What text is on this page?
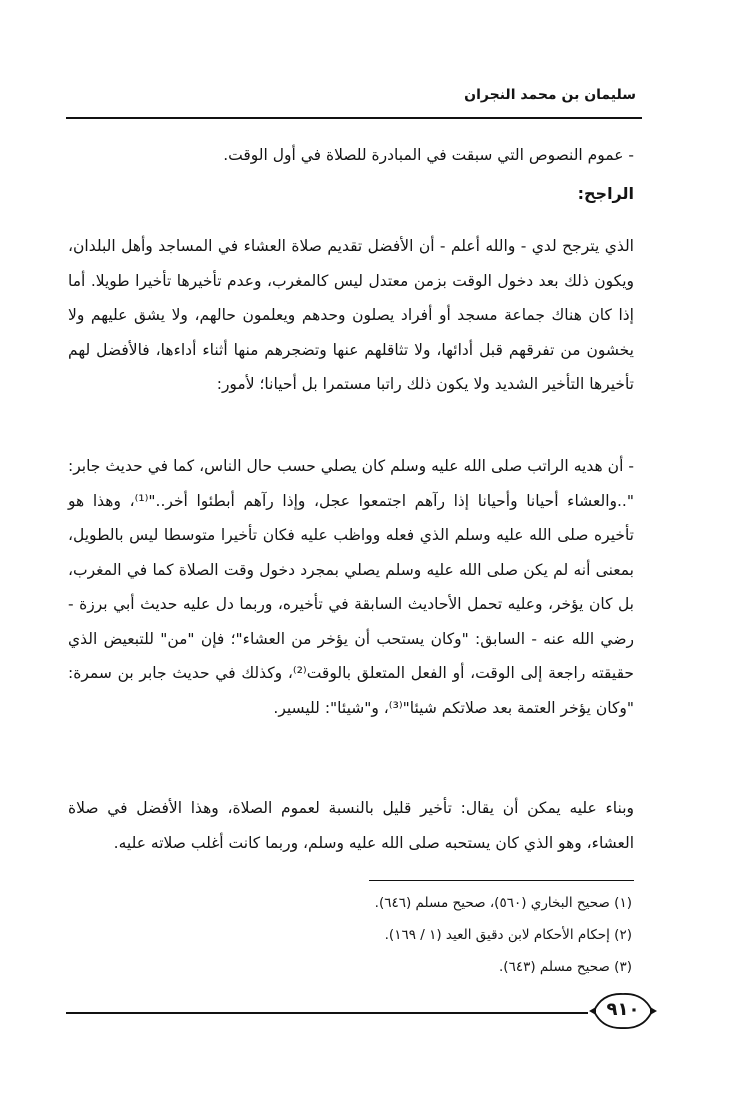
سليمان بن محمد النجران

- عموم النصوص التي سبقت في المبادرة للصلاة في أول الوقت.

الراجح:

الذي يترجح لدي - والله أعلم - أن الأفضل تقديم صلاة العشاء في المساجد وأهل البلدان، ويكون ذلك بعد دخول الوقت بزمن معتدل ليس كالمغرب، وعدم تأخيرها تأخيرا طويلا. أما إذا كان هناك جماعة مسجد أو أفراد يصلون وحدهم ويعلمون حالهم، ولا يشق عليهم ولا يخشون من تفرقهم قبل أدائها، ولا تثاقلهم عنها وتضجرهم منها أثناء أداءها، فالأفضل لهم تأخيرها التأخير الشديد ولا يكون ذلك راتبا مستمرا بل أحيانا؛ لأمور:

- أن هديه الراتب صلى الله عليه وسلم كان يصلي حسب حال الناس، كما في حديث جابر: "..والعشاء أحيانا وأحيانا إذا رآهم اجتمعوا عجل، وإذا رآهم أبطئوا أخر.."⁽¹⁾، وهذا هو تأخيره صلى الله عليه وسلم الذي فعله وواظب عليه فكان تأخيرا متوسطا ليس بالطويل، بمعنى أنه لم يكن صلى الله عليه وسلم يصلي بمجرد دخول وقت الصلاة كما في المغرب، بل كان يؤخر، وعليه تحمل الأحاديث السابقة في تأخيره، وربما دل عليه حديث أبي برزة - رضي الله عنه - السابق: "وكان يستحب أن يؤخر من العشاء"؛ فإن "من" للتبعيض الذي حقيقته راجعة إلى الوقت، أو الفعل المتعلق بالوقت⁽²⁾، وكذلك في حديث جابر بن سمرة: "وكان يؤخر العتمة بعد صلاتكم شيئا"⁽³⁾، و"شيئا": لليسير.

وبناء عليه يمكن أن يقال: تأخير قليل بالنسبة لعموم الصلاة، وهذا الأفضل في صلاة العشاء، وهو الذي كان يستحبه صلى الله عليه وسلم، وربما كانت أغلب صلاته عليه.

(١) صحيح البخاري (٥٦٠)، صحيح مسلم (٦٤٦).
(٢) إحكام الأحكام لابن دقيق العيد (١ / ١٦٩).
(٣) صحيح مسلم (٦٤٣).
٩١٠
